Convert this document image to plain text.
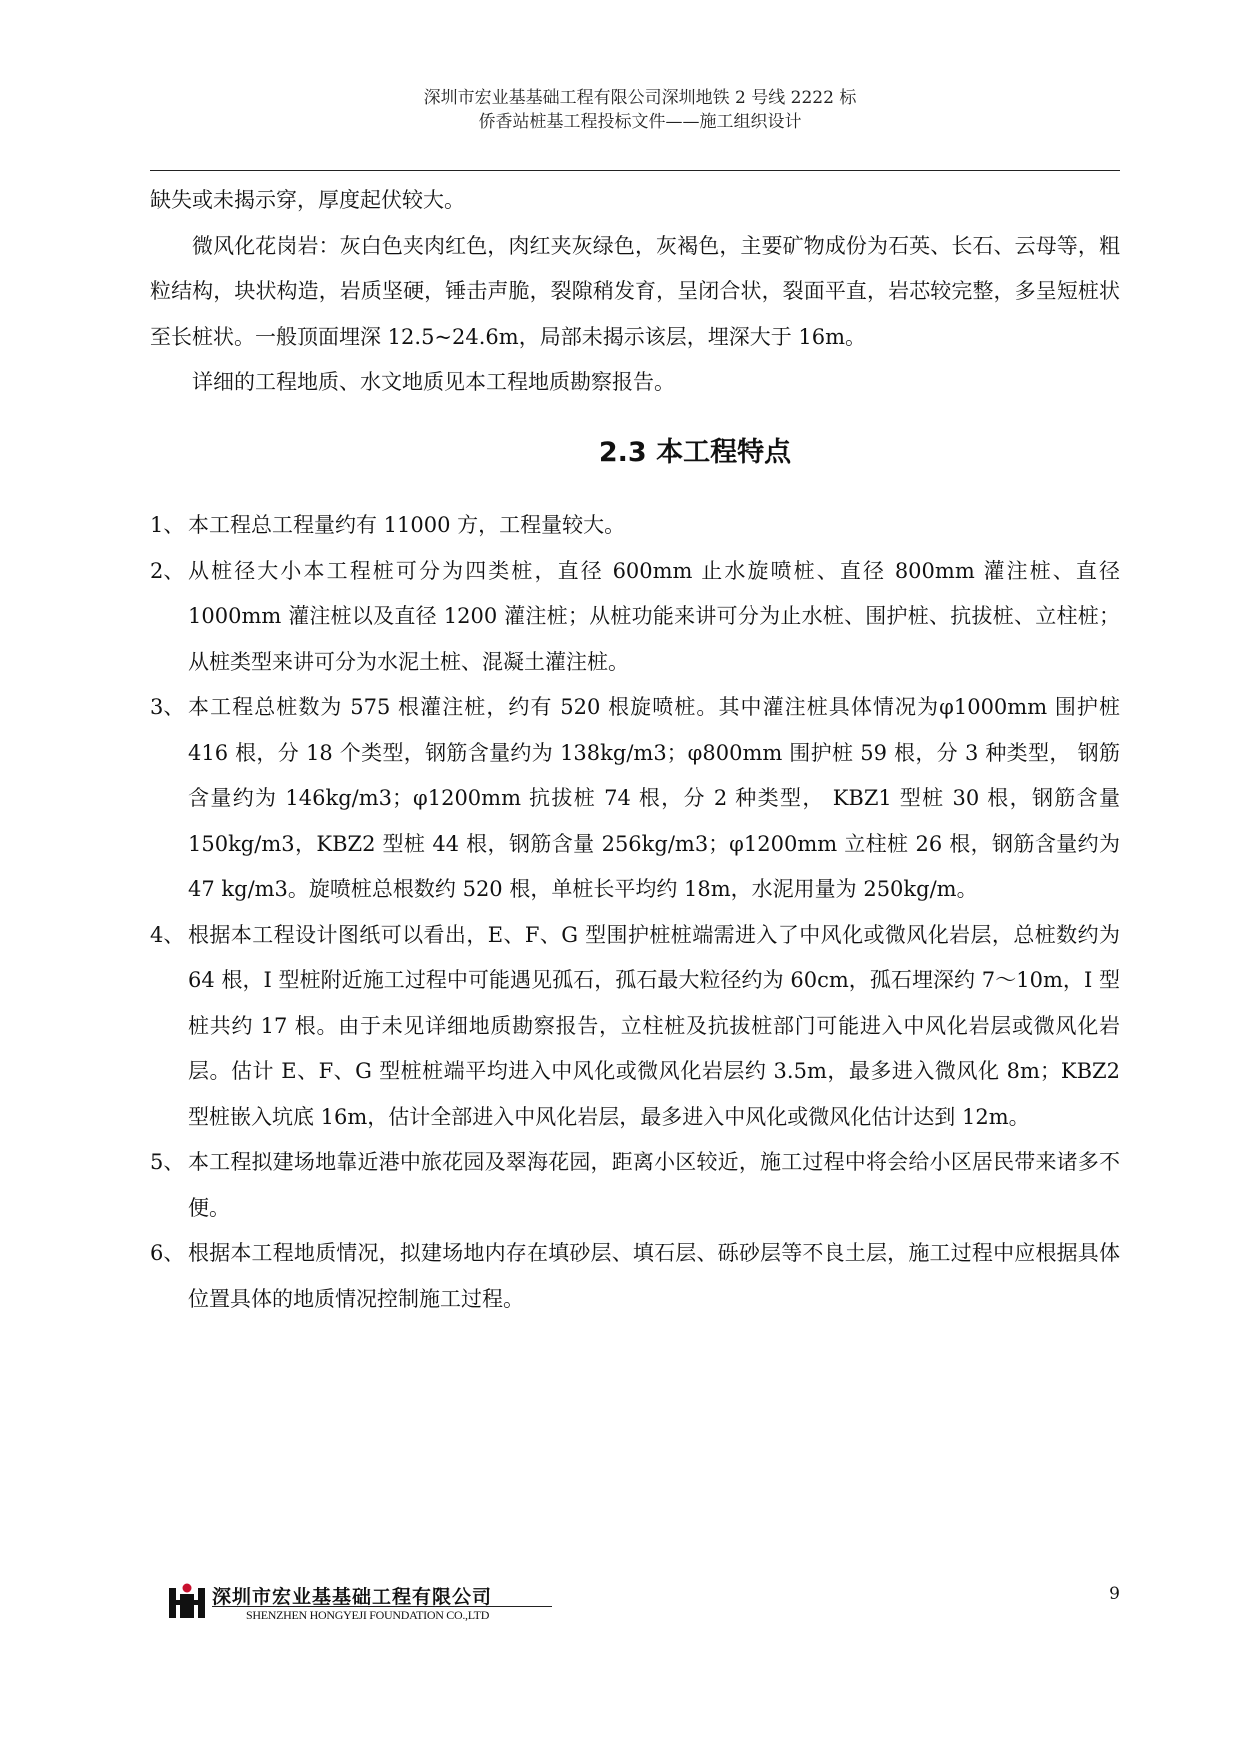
深圳市宏业基基础工程有限公司深圳地铁 2 号线 2222 标
侨香站桩基工程投标文件——施工组织设计

缺失或未揭示穿，厚度起伏较大。

微风化花岗岩：灰白色夹肉红色，肉红夹灰绿色，灰褐色，主要矿物成份为石英、长石、云母等，粗粒结构，块状构造，岩质坚硬，锤击声脆，裂隙稍发育，呈闭合状，裂面平直，岩芯较完整，多呈短桩状至长桩状。一般顶面埋深 12.5~24.6m，局部未揭示该层，埋深大于 16m。

详细的工程地质、水文地质见本工程地质勘察报告。

2.3 本工程特点

1、 本工程总工程量约有 11000 方，工程量较大。
2、 从桩径大小本工程桩可分为四类桩，直径 600mm 止水旋喷桩、直径 800mm 灌注桩、直径 1000mm 灌注桩以及直径 1200 灌注桩；从桩功能来讲可分为止水桩、围护桩、抗拔桩、立柱桩；从桩类型来讲可分为水泥土桩、混凝土灌注桩。
3、 本工程总桩数为 575 根灌注桩，约有 520 根旋喷桩。其中灌注桩具体情况为φ1000mm 围护桩 416 根，分 18 个类型，钢筋含量约为 138kg/m3；φ800mm 围护桩 59 根，分 3 种类型， 钢筋含量约为 146kg/m3；φ1200mm 抗拔桩 74 根，分 2 种类型， KBZ1 型桩 30 根，钢筋含量 150kg/m3，KBZ2 型桩 44 根，钢筋含量 256kg/m3；φ1200mm 立柱桩 26 根，钢筋含量约为 47 kg/m3。旋喷桩总根数约 520 根，单桩长平均约 18m，水泥用量为 250kg/m。
4、 根据本工程设计图纸可以看出，E、F、G 型围护桩桩端需进入了中风化或微风化岩层，总桩数约为 64 根，I 型桩附近施工过程中可能遇见孤石，孤石最大粒径约为 60cm，孤石埋深约 7～10m，I 型桩共约 17 根。由于未见详细地质勘察报告，立柱桩及抗拔桩部门可能进入中风化岩层或微风化岩层。估计 E、F、G 型桩桩端平均进入中风化或微风化岩层约 3.5m，最多进入微风化 8m；KBZ2 型桩嵌入坑底 16m，估计全部进入中风化岩层，最多进入中风化或微风化估计达到 12m。
5、 本工程拟建场地靠近港中旅花园及翠海花园，距离小区较近，施工过程中将会给小区居民带来诸多不便。
6、 根据本工程地质情况，拟建场地内存在填砂层、填石层、砾砂层等不良土层，施工过程中应根据具体位置具体的地质情况控制施工过程。
深圳市宏业基基础工程有限公司
SHENZHEN HONGYEJI FOUNDATION CO.,LTD
9
